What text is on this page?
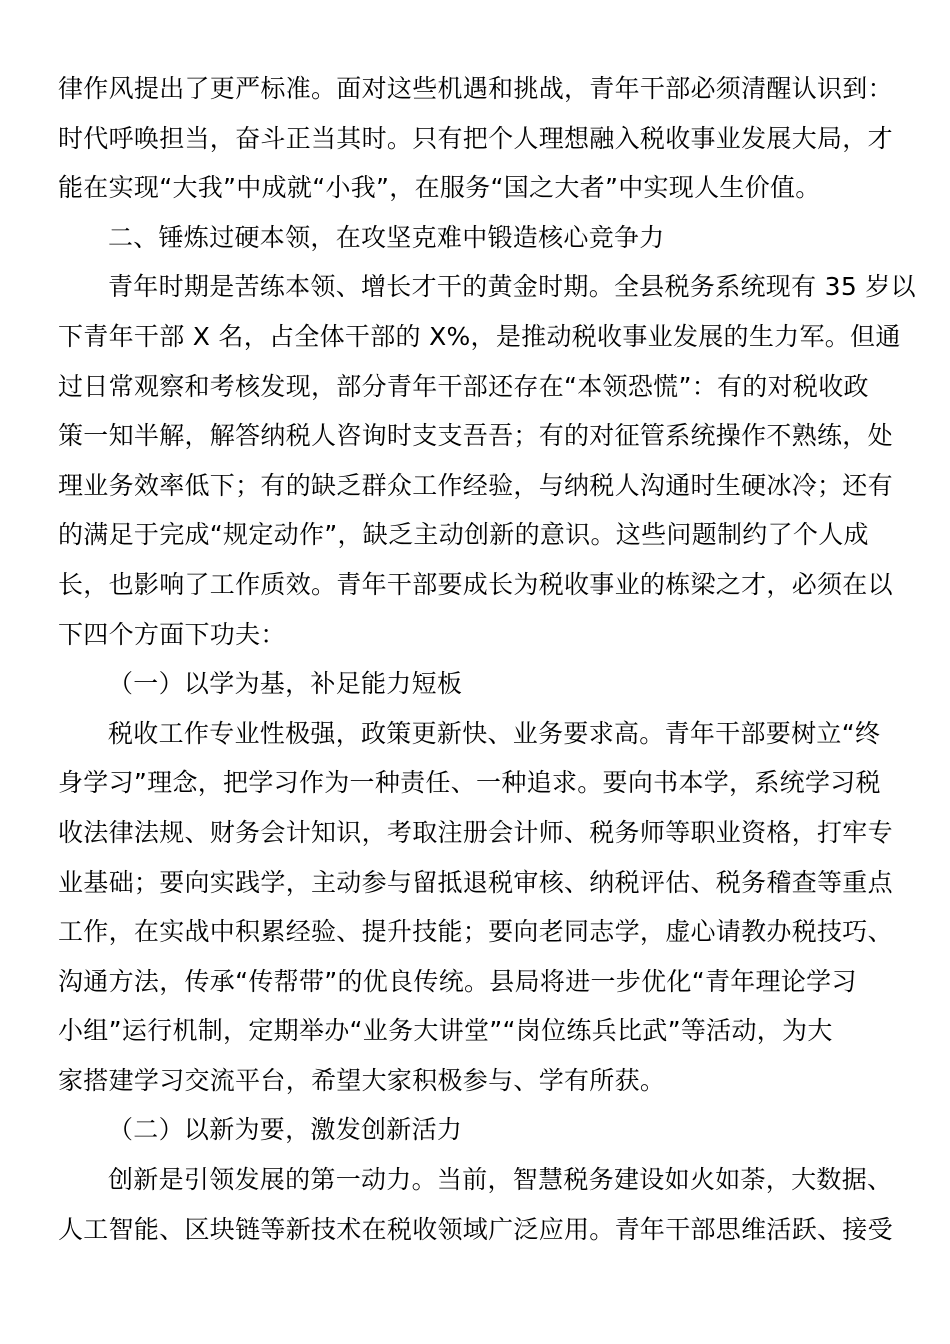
律作风提出了更严标准。面对这些机遇和挑战，青年干部必须清醒认识到：
时代呼唤担当，奋斗正当其时。只有把个人理想融入税收事业发展大局，才
能在实现“大我”中成就“小我”，在服务“国之大者”中实现人生价值。
二、锤炼过硬本领，在攻坚克难中锻造核心竞争力
青年时期是苦练本领、增长才干的黄金时期。全县税务系统现有 35 岁以
下青年干部 X 名，占全体干部的 X%，是推动税收事业发展的生力军。但通
过日常观察和考核发现，部分青年干部还存在“本领恐慌”：有的对税收政
策一知半解，解答纳税人咨询时支支吾吾；有的对征管系统操作不熟练，处
理业务效率低下；有的缺乏群众工作经验，与纳税人沟通时生硬冰冷；还有
的满足于完成“规定动作”，缺乏主动创新的意识。这些问题制约了个人成
长，也影响了工作质效。青年干部要成长为税收事业的栋梁之才，必须在以
下四个方面下功夫：
（一）以学为基，补足能力短板
税收工作专业性极强，政策更新快、业务要求高。青年干部要树立“终
身学习”理念，把学习作为一种责任、一种追求。要向书本学，系统学习税
收法律法规、财务会计知识，考取注册会计师、税务师等职业资格，打牢专
业基础；要向实践学，主动参与留抵退税审核、纳税评估、税务稽查等重点
工作，在实战中积累经验、提升技能；要向老同志学，虚心请教办税技巧、
沟通方法，传承“传帮带”的优良传统。县局将进一步优化“青年理论学习
小组”运行机制，定期举办“业务大讲堂”“岗位练兵比武”等活动，为大
家搭建学习交流平台，希望大家积极参与、学有所获。
（二）以新为要，激发创新活力
创新是引领发展的第一动力。当前，智慧税务建设如火如荼，大数据、
人工智能、区块链等新技术在税收领域广泛应用。青年干部思维活跃、接受
